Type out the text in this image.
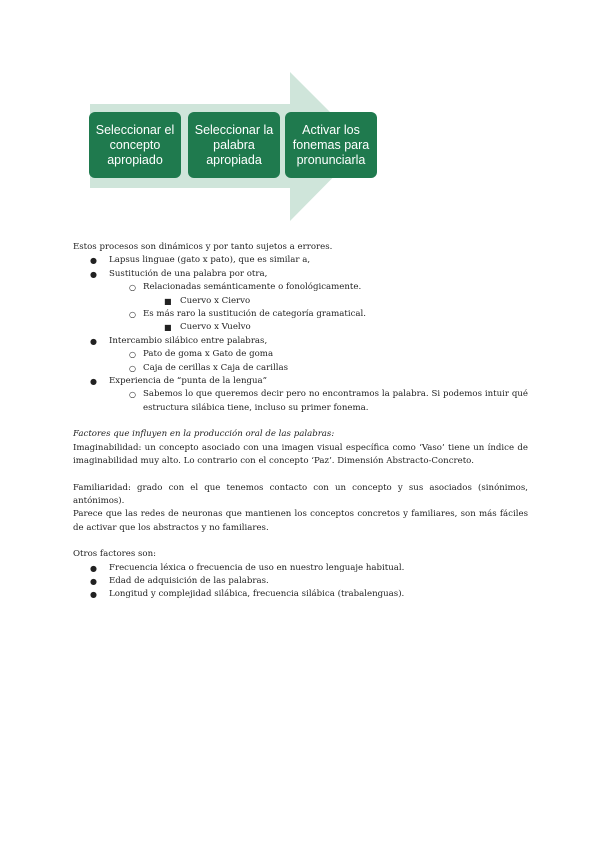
Seleccionar el concepto apropiado
Seleccionar la palabra apropiada
Activar los fonemas para pronunciarla

Estos procesos son dinámicos y por tanto sujetos a errores.

● Lapsus linguae (gato x pato), que es similar a,
● Sustitución de una palabra por otra,
○ Relacionadas semánticamente o fonológicamente.
■ Cuervo x Ciervo
○ Es más raro la sustitución de categoría gramatical.
■ Cuervo x Vuelvo
● Intercambio silábico entre palabras,
○ Pato de goma x Gato de goma
○ Caja de cerillas x Caja de carillas
● Experiencia de “punta de la lengua”
○ Sabemos lo que queremos decir pero no encontramos la palabra. Si podemos intuir qué estructura silábica tiene, incluso su primer fonema.

Factores que influyen en la producción oral de las palabras:

Imaginabilidad: un concepto asociado con una imagen visual específica como ‘Vaso’ tiene un índice de imaginabilidad muy alto. Lo contrario con el concepto ‘Paz’. Dimensión Abstracto-Concreto.

Familiaridad: grado con el que tenemos contacto con un concepto y sus asociados (sinónimos, antónimos).

Parece que las redes de neuronas que mantienen los conceptos concretos y familiares, son más fáciles de activar que los abstractos y no familiares.

Otros factores son:

● Frecuencia léxica o frecuencia de uso en nuestro lenguaje habitual.
● Edad de adquisición de las palabras.
● Longitud y complejidad silábica, frecuencia silábica (trabalenguas).
